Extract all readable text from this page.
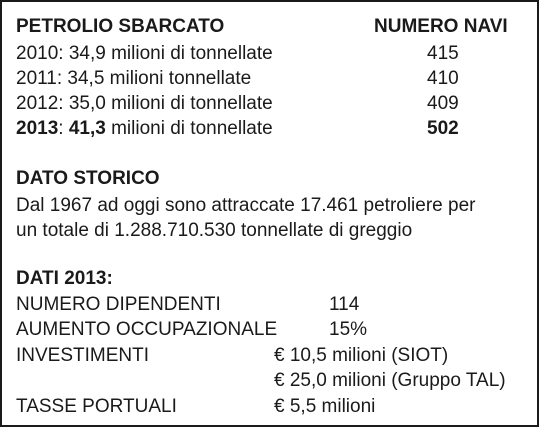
PETROLIO SBARCATO	NUMERO NAVI
2010: 34,9 milioni di tonnellate	415
2011: 34,5 milioni tonnellate	410
2012: 35,0 milioni di tonnellate	409
2013: 41,3 milioni di tonnellate	502
DATO STORICO
Dal 1967 ad oggi sono attraccate 17.461 petroliere per
un totale di 1.288.710.530 tonnellate di greggio
DATI 2013:
NUMERO DIPENDENTI	114
AUMENTO OCCUPAZIONALE	15%
INVESTIMENTI	€ 10,5 milioni (SIOT)
€ 25,0 milioni (Gruppo TAL)
TASSE PORTUALI	€ 5,5 milioni
